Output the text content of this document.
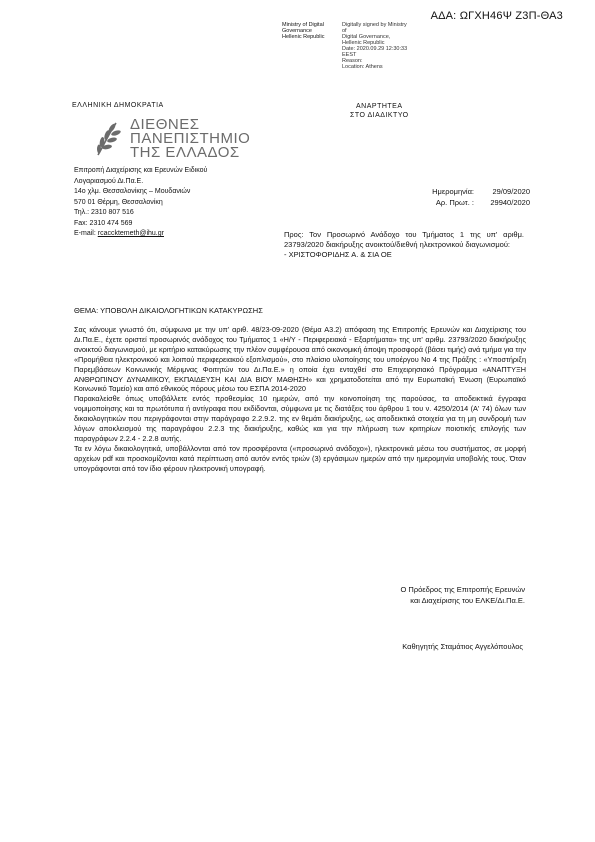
ΑΔΑ: ΩΓΧΗ46Ψ Ζ3Π-ΘΑ3
Ministry of Digital
Governance
Hellenic Republic
Digitally signed by Ministry of
Digital Governance,
Hellenic Republic
Date: 2020.09.29 12:30:33
EEST
Reason:
Location: Athens
ΕΛΛΗΝΙΚΗ ΔΗΜΟΚΡΑΤΙΑ	ΑΝΑΡΤΗΤΕΑ
ΣΤΟ ΔΙΑΔΙΚΤΥΟ
ΔΙΕΘΝΕΣ
ΠΑΝΕΠΙΣΤΗΜΙΟ
ΤΗΣ ΕΛΛΑΔΟΣ
Επιτροπή Διαχείρισης και Ερευνών Ειδικού
Λογαριασμού Δι.Πα.Ε.
14ο χλμ. Θεσσαλονίκης – Μουδανιών
570 01 Θέρμη, Θεσσαλονίκη
Τηλ.: 2310 807 516
Fax: 2310 474 569
E-mail: rcaccktemeth@ihu.gr
Ημερομηνία:	29/09/2020
Αρ. Πρωτ. :	29940/2020
Προς: Τον Προσωρινό Ανάδοχο του Τμήματος 1 της υπ' αριθμ. 23793/2020 διακήρυξης ανοικτού/διεθνή ηλεκτρονικού διαγωνισμού:
- ΧΡΙΣΤΟΦΟΡΙΔΗΣ Α. & ΣΙΑ ΟΕ
ΘΕΜΑ: ΥΠΟΒΟΛΗ ΔΙΚΑΙΟΛΟΓΗΤΙΚΩΝ ΚΑΤΑΚΥΡΩΣΗΣ

Σας κάνουμε γνωστό ότι, σύμφωνα με την υπ' αριθ. 48/23-09-2020 (Θέμα Α3.2) απόφαση της Επιτροπής Ερευνών και Διαχείρισης του Δι.Πα.Ε., έχετε οριστεί προσωρινός ανάδοχος του Τμήματος 1 «Η/Υ - Περιφερειακά - Εξαρτήματα» της υπ' αριθμ. 23793/2020 διακήρυξης ανοικτού διαγωνισμού, με κριτήριο κατακύρωσης την πλέον συμφέρουσα από οικονομική άποψη προσφορά (βάσει τιμής) ανά τμήμα για την «Προμήθεια ηλεκτρονικού και λοιπού περιφερειακού εξοπλισμού», στο πλαίσιο υλοποίησης του υποέργου Νο 4 της Πράξης : «Υποστήριξη Παρεμβάσεων Κοινωνικής Μέριμνας Φοιτητών του Δι.Πα.Ε.» η οποία έχει ενταχθεί στο Επιχειρησιακό Πρόγραμμα «ΑΝΑΠΤΥΞΗ ΑΝΘΡΩΠΙΝΟΥ ΔΥΝΑΜΙΚΟΥ, ΕΚΠΑΙΔΕΥΣΗ ΚΑΙ ΔΙΑ ΒΙΟΥ ΜΑΘΗΣΗ» και χρηματοδοτείται από την Ευρωπαϊκή Ένωση (Ευρωπαϊκό Κοινωνικό Ταμείο) και από εθνικούς πόρους μέσω του ΕΣΠΑ 2014-2020

Παρακαλείσθε όπως υποβάλλετε εντός προθεσμίας 10 ημερών, από την κοινοποίηση της παρούσας, τα αποδεικτικά έγγραφα νομιμοποίησης και τα πρωτότυπα ή αντίγραφα που εκδίδονται, σύμφωνα με τις διατάξεις του άρθρου 1 του ν. 4250/2014 (Α' 74) όλων των δικαιολογητικών που περιγράφονται στην παράγραφο 2.2.9.2. της εν θεμάτι διακήρυξης, ως αποδεικτικά στοιχεία για τη μη συνδρομή των λόγων αποκλεισμού της παραγράφου 2.2.3 της διακήρυξης, καθώς και για την πλήρωση των κριτηρίων ποιοτικής επιλογής των παραγράφων 2.2.4 - 2.2.8 αυτής.

Τα εν λόγω δικαιολογητικά, υποβάλλονται από τον προσφέροντα («προσωρινό ανάδοχο»), ηλεκτρονικά μέσω του συστήματος, σε μορφή αρχείων pdf και προσκομίζονται κατά περίπτωση από αυτόν εντός τριών (3) εργάσιμων ημερών από την ημερομηνία υποβολής τους. Όταν υπογράφονται από τον ίδιο φέρουν ηλεκτρονική υπογραφή.

Ο Πρόεδρος της Επιτροπής Ερευνών
και Διαχείρισης του ΕΛΚΕ/Δι.Πα.Ε.
Καθηγητής Σταμάτιος Αγγελόπουλος
